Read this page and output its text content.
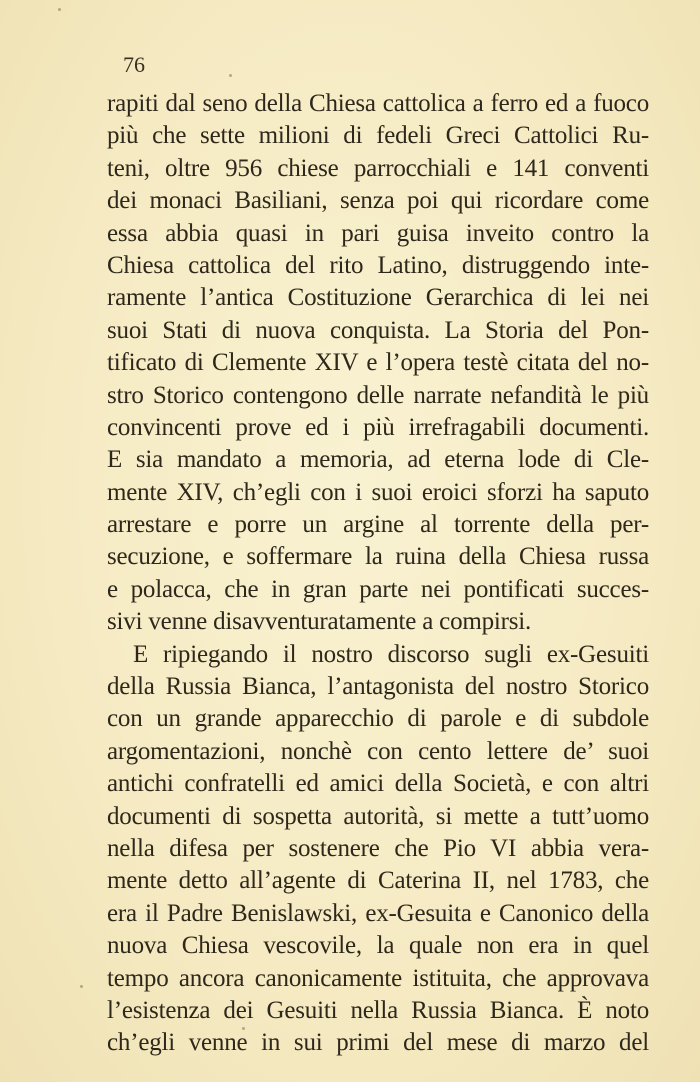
76
rapiti dal seno della Chiesa cattolica a ferro ed a fuoco
più che sette milioni di fedeli Greci Cattolici Ru-
teni, oltre 956 chiese parrocchiali e 141 conventi
dei monaci Basiliani, senza poi qui ricordare come
essa abbia quasi in pari guisa inveito contro la
Chiesa cattolica del rito Latino, distruggendo inte-
ramente l’antica Costituzione Gerarchica di lei nei
suoi Stati di nuova conquista. La Storia del Pon-
tificato di Clemente XIV e l’opera testè citata del no-
stro Storico contengono delle narrate nefandità le più
convincenti prove ed i più irrefragabili documenti.
E sia mandato a memoria, ad eterna lode di Cle-
mente XIV, ch’egli con i suoi eroici sforzi ha saputo
arrestare e porre un argine al torrente della per-
secuzione, e soffermare la ruina della Chiesa russa
e polacca, che in gran parte nei pontificati succes-
sivi venne disavventuratamente a compirsi.
E ripiegando il nostro discorso sugli ex-Gesuiti
della Russia Bianca, l’antagonista del nostro Storico
con un grande apparecchio di parole e di subdole
argomentazioni, nonchè con cento lettere de’ suoi
antichi confratelli ed amici della Società, e con altri
documenti di sospetta autorità, si mette a tutt’uomo
nella difesa per sostenere che Pio VI abbia vera-
mente detto all’agente di Caterina II, nel 1783, che
era il Padre Benislawski, ex-Gesuita e Canonico della
nuova Chiesa vescovile, la quale non era in quel
tempo ancora canonicamente istituita, che approvava
l’esistenza dei Gesuiti nella Russia Bianca. È noto
ch’egli venne in sui primi del mese di marzo del
